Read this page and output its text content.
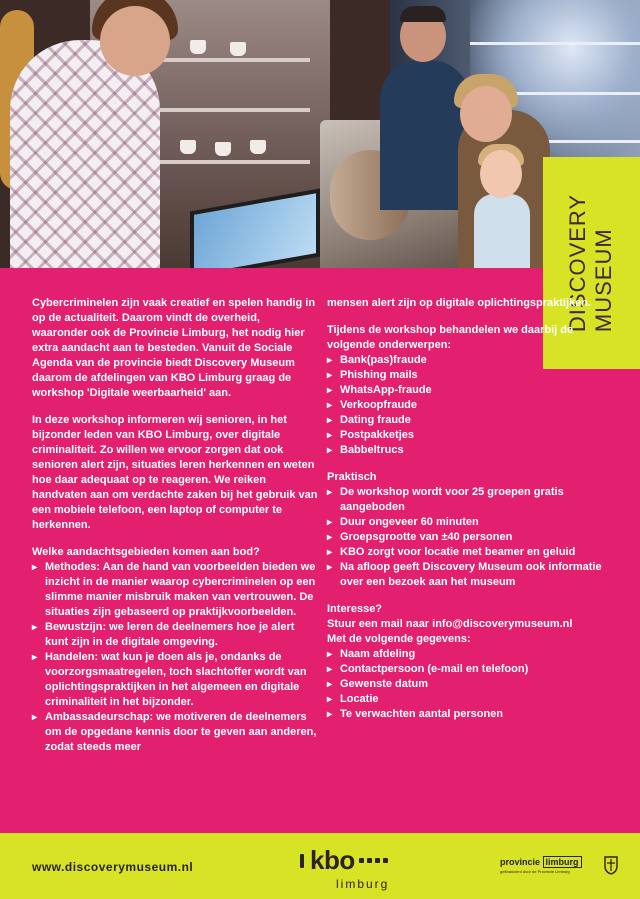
DISCOVERY MUSEUM

Cybercriminelen zijn vaak creatief en spelen handig in op de actualiteit. Daarom vindt de overheid, waaronder ook de Provincie Limburg, het nodig hier extra aandacht aan te besteden. Vanuit de Sociale Agenda van de provincie biedt Discovery Museum daarom de afdelingen van KBO Limburg graag de workshop 'Digitale weerbaarheid' aan.

In deze workshop informeren wij senioren, in het bijzonder leden van KBO Limburg, over digitale criminaliteit. Zo willen we ervoor zorgen dat ook senioren alert zijn, situaties leren herkennen en weten hoe daar adequaat op te reageren. We reiken handvaten aan om verdachte zaken bij het gebruik van een mobiele telefoon, een laptop of computer te herkennen.

Welke aandachtsgebieden komen aan bod?
▸ Methodes: Aan de hand van voorbeelden bieden we inzicht in de manier waarop cybercriminelen op een slimme manier misbruik maken van vertrouwen. De situaties zijn gebaseerd op praktijkvoorbeelden.
▸ Bewustzijn: we leren de deelnemers hoe je alert kunt zijn in de digitale omgeving.
▸ Handelen: wat kun je doen als je, ondanks de voorzorgsmaatregelen, toch slachtoffer wordt van oplichtingspraktijken in het algemeen en digitale criminaliteit in het bijzonder.
▸ Ambassadeurschap: we motiveren de deelnemers om de opgedane kennis door te geven aan anderen, zodat steeds meer

mensen alert zijn op digitale oplichtingspraktijken.

Tijdens de workshop behandelen we daarbij de volgende onderwerpen:
▸ Bank(pas)fraude
▸ Phishing mails
▸ WhatsApp-fraude
▸ Verkoopfraude
▸ Dating fraude
▸ Postpakketjes
▸ Babbeltrucs
Praktisch
▸ De workshop wordt voor 25 groepen gratis aangeboden
▸ Duur ongeveer 60 minuten
▸ Groepsgrootte van ±40 personen
▸ KBO zorgt voor locatie met beamer en geluid
▸ Na afloop geeft Discovery Museum ook informatie over een bezoek aan het museum
Interesse?
Stuur een mail naar info@discoverymuseum.nl
Met de volgende gegevens:
▸ Naam afdeling
▸ Contactpersoon (e-mail en telefoon)
▸ Gewenste datum
▸ Locatie
▸ Te verwachten aantal personen
www.discoverymuseum.nl	kbo
limburg
provincie limburg
gefinancierd door de Provincie Limburg
